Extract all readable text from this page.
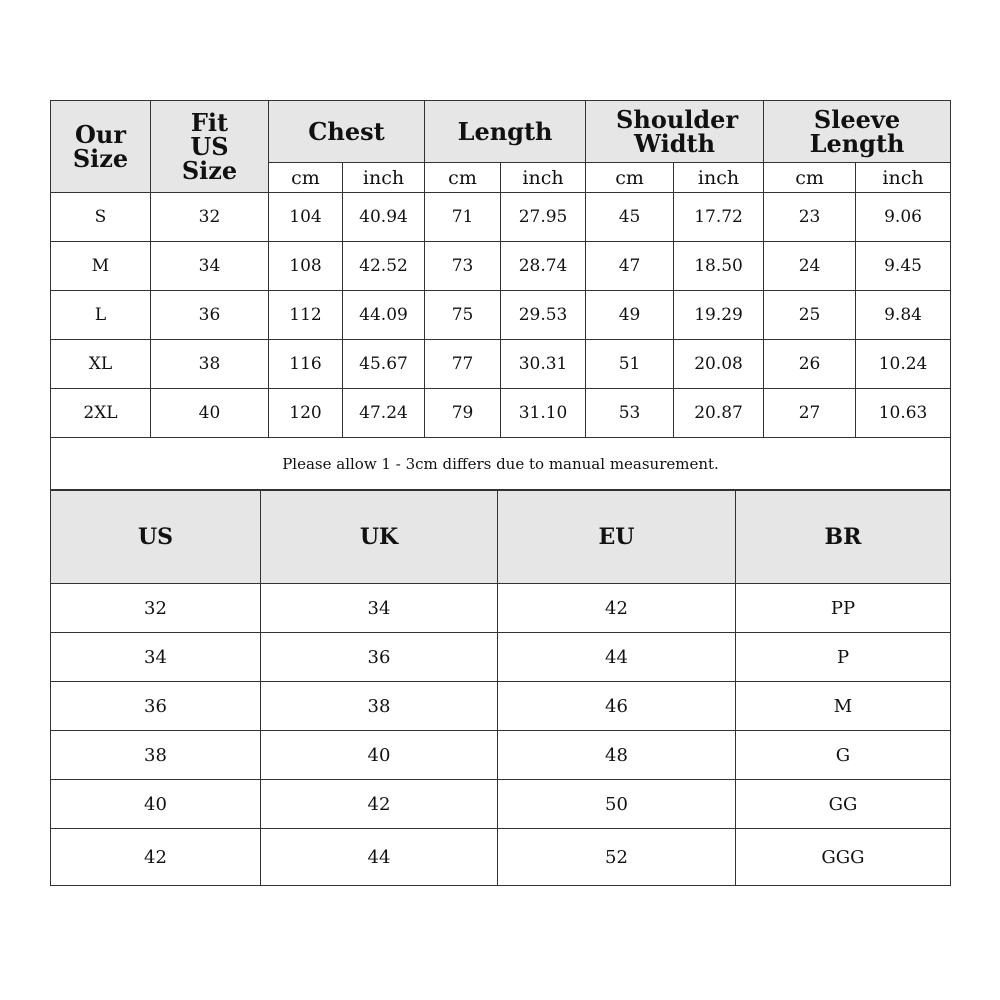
Our Size	Fit US Size	Chest		Length		Shoulder Width		Sleeve Length	
		cm	inch	cm	inch	cm	inch	cm	inch
S	32	104	40.94	71	27.95	45	17.72	23	9.06
M	34	108	42.52	73	28.74	47	18.50	24	9.45
L	36	112	44.09	75	29.53	49	19.29	25	9.84
XL	38	116	45.67	77	30.31	51	20.08	26	10.24
2XL	40	120	47.24	79	31.10	53	20.87	27	10.63
Please allow 1 - 3cm differs due to manual measurement.									
US	UK	EU	BR
32	34	42	PP
34	36	44	P
36	38	46	M
38	40	48	G
40	42	50	GG
42	44	52	GGG
